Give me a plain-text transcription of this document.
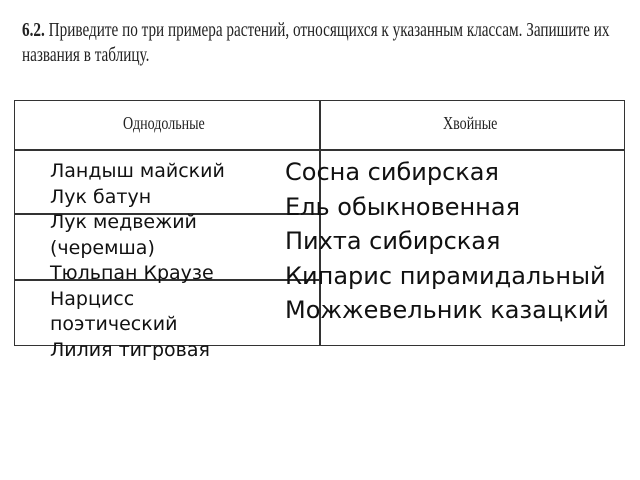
6.2. Приведите по три примера растений, относящихся к указанным классам. Запишите их
названия в таблицу.
Однодольные	Хвойные
Ландыш майский
Лук батун
Лук медвежий (черемша)
Тюльпан Краузе
Нарцисс поэтический
Лилия тигровая
Сосна сибирская
Ель обыкновенная
Пихта сибирская
Кипарис пирамидальный
Можжевельник казацкий
